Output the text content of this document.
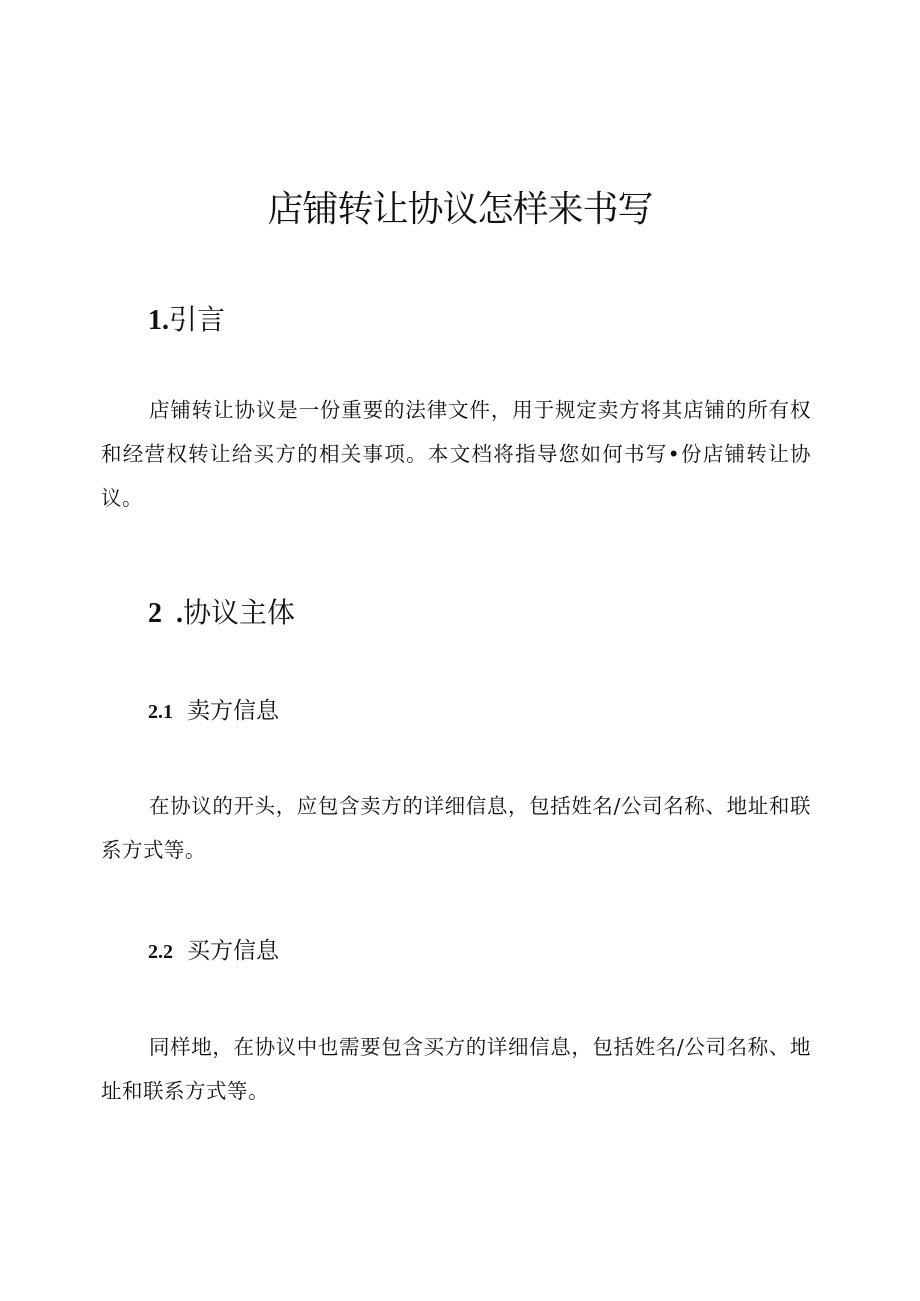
店铺转让协议怎样来书写
1.引言

店铺转让协议是一份重要的法律文件，用于规定卖方将其店铺的所有权和经营权转让给买方的相关事项。本文档将指导您如何书写•份店铺转让协议。

2  .协议主体
2.1 卖方信息

在协议的开头，应包含卖方的详细信息，包括姓名/公司名称、地址和联系方式等。

2.2 买方信息

同样地，在协议中也需要包含买方的详细信息，包括姓名/公司名称、地址和联系方式等。
